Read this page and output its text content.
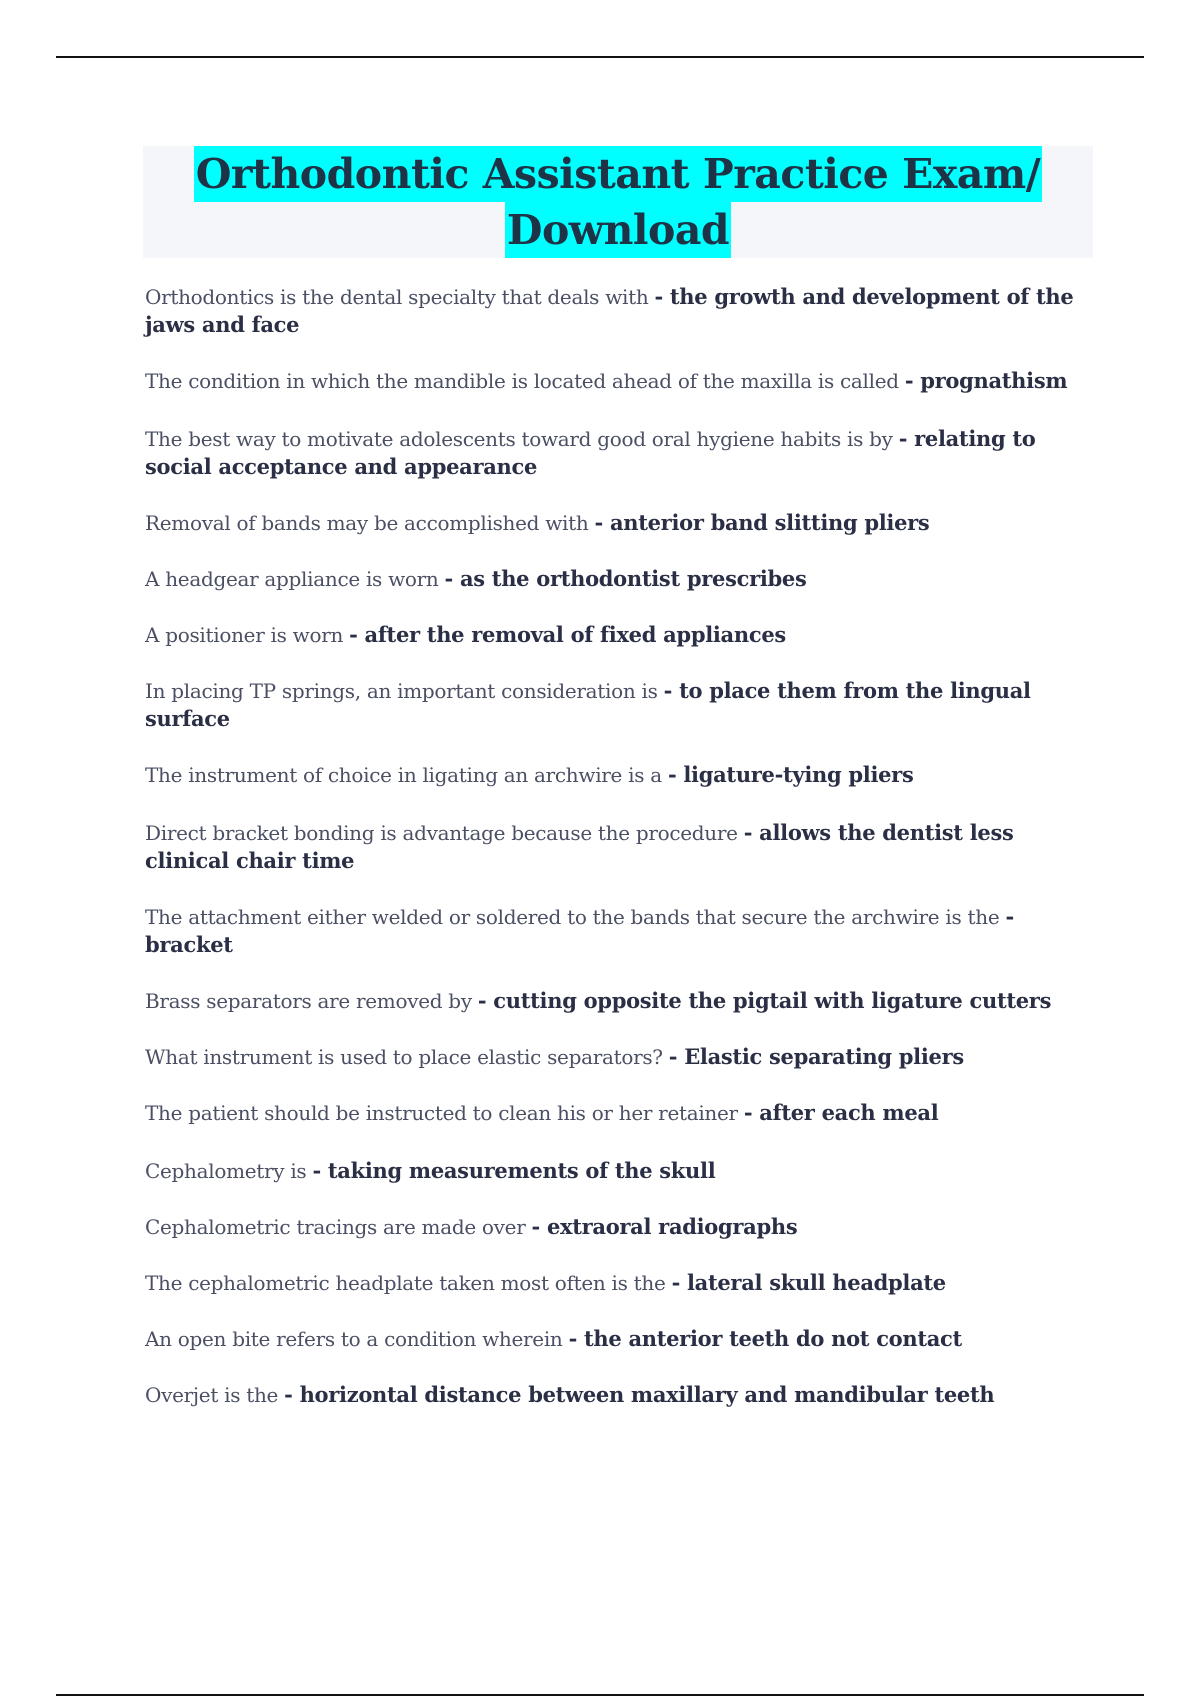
Orthodontic Assistant Practice Exam/
Download

Orthodontics is the dental specialty that deals with - the growth and development of the jaws and face

The condition in which the mandible is located ahead of the maxilla is called - prognathism

The best way to motivate adolescents toward good oral hygiene habits is by - relating to social acceptance and appearance

Removal of bands may be accomplished with - anterior band slitting pliers

A headgear appliance is worn - as the orthodontist prescribes

A positioner is worn - after the removal of fixed appliances

In placing TP springs, an important consideration is - to place them from the lingual surface

The instrument of choice in ligating an archwire is a - ligature-tying pliers

Direct bracket bonding is advantage because the procedure - allows the dentist less clinical chair time

The attachment either welded or soldered to the bands that secure the archwire is the - bracket

Brass separators are removed by - cutting opposite the pigtail with ligature cutters

What instrument is used to place elastic separators? - Elastic separating pliers

The patient should be instructed to clean his or her retainer - after each meal

Cephalometry is - taking measurements of the skull

Cephalometric tracings are made over - extraoral radiographs

The cephalometric headplate taken most often is the - lateral skull headplate

An open bite refers to a condition wherein - the anterior teeth do not contact

Overjet is the - horizontal distance between maxillary and mandibular teeth
